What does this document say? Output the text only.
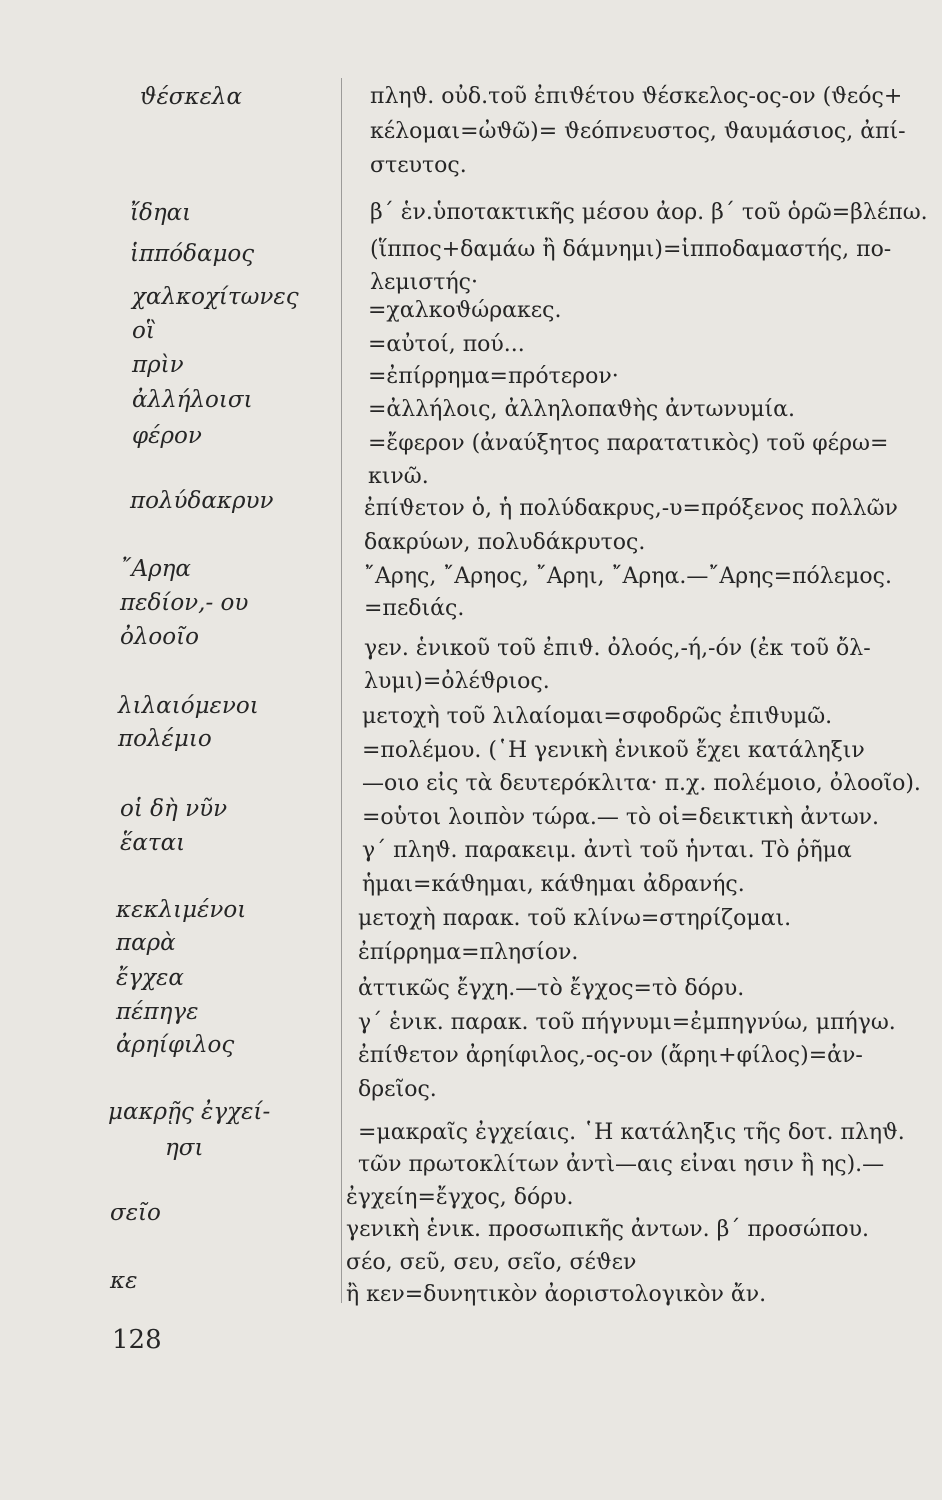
ϑέσκελα
ἴδηαι
ἱππόδαμος
χαλκοχίτωνες
οἳ
πρὶν
ἀλλήλοισι
φέρον
πολύδακρυν
῎Αρηα
πεδίον,- ου
ὀλοοῖο
λιλαιόμενοι
πολέμιο
οἱ δὴ νῦν
ἕαται
κεκλιμένοι
παρὰ
ἔγχεα
πέπηγε
ἀρηίφιλος
μακρῇς ἐγχεί-
ησι
σεῖο
κε
πληϑ. οὐδ.τοῦ ἐπιϑέτου ϑέσκελος-ος-ον (ϑεός+
κέλομαι=ὠϑῶ)= ϑεόπνευστος, ϑαυμάσιος, ἀπί-
στευτος.
β΄ ἑν.ὑποτακτικῆς μέσου ἀορ. β΄ τοῦ ὁρῶ=βλέπω.
(ἵππος+δαμάω ἢ δάμνημι)=ἱπποδαμαστής, πο-
λεμιστής·
=χαλκοϑώρακες.
=αὐτοί, πού...
=ἐπίρρημα=πρότερον·
=ἀλλήλοις, ἀλληλοπαϑὴς ἀντωνυμία.
=ἔφερον (ἀναύξητος παρατατικὸς) τοῦ φέρω=
κινῶ.
ἐπίϑετον ὁ, ἡ πολύδακρυς,-υ=πρόξενος πολλῶν
δακρύων, πολυδάκρυτος.
῎Αρης, ῎Αρηος, ῎Αρηι, ῎Αρηα.—῎Αρης=πόλεμος.
=πεδιάς.
γεν. ἑνικοῦ τοῦ ἐπιϑ. ὀλοός,-ή,-όν (ἐκ τοῦ ὄλ-
λυμι)=ὀλέϑριος.
μετοχὴ τοῦ λιλαίομαι=σφοδρῶς ἐπιϑυμῶ.
=πολέμου. (῾Η γενικὴ ἑνικοῦ ἔχει κατάληξιν
—οιο εἰς τὰ δευτερόκλιτα· π.χ. πολέμοιο, ὀλοοῖο).
=οὗτοι λοιπὸν τώρα.— τὸ οἱ=δεικτικὴ ἀντων.
γ΄ πληϑ. παρακειμ. ἀντὶ τοῦ ἧνται. Τὸ ῥῆμα
ἧμαι=κάϑημαι, κάϑημαι ἀδρανής.
μετοχὴ παρακ. τοῦ κλίνω=στηρίζομαι.
ἐπίρρημα=πλησίον.
ἀττικῶς ἔγχη.—τὸ ἔγχος=τὸ δόρυ.
γ΄ ἑνικ. παρακ. τοῦ πήγνυμι=ἐμπηγνύω, μπήγω.
ἐπίϑετον ἀρηίφιλος,-ος-ον (ἄρηι+φίλος)=ἀν-
δρεῖος.
=μακραῖς ἐγχείαις. ῾Η κατάληξις τῆς δοτ. πληϑ.
τῶν πρωτοκλίτων ἀντὶ—αις εἶναι ησιν ἢ ης).—
ἐγχείη=ἔγχος, δόρυ.
γενικὴ ἑνικ. προσωπικῆς ἀντων. β΄ προσώπου.
σέο, σεῦ, σευ, σεῖο, σέϑεν
ἢ κεν=δυνητικὸν ἀοριστολογικὸν ἄν.
128
